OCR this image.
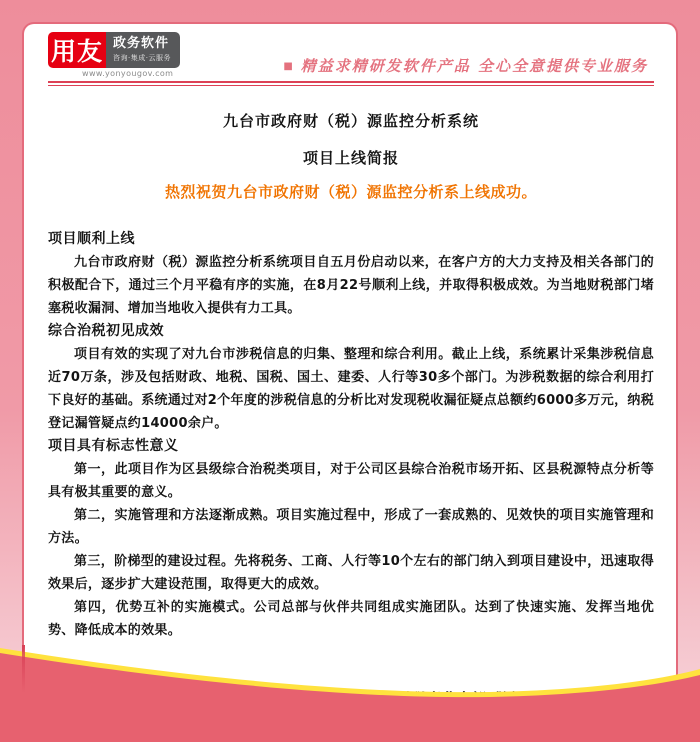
用友 政务软件
咨询·集成·云服务
www.yonyougov.com
■ 精益求精研发软件产品 全心全意提供专业服务
九台市政府财（税）源监控分析系统
项目上线简报
热烈祝贺九台市政府财（税）源监控分析系上线成功。
项目顺利上线
九台市政府财（税）源监控分析系统项目自五月份启动以来，在客户方的大力支持及相关各部门的积极配合下，通过三个月平稳有序的实施，在8月22号顺利上线，并取得积极成效。为当地财税部门堵塞税收漏洞、增加当地收入提供有力工具。
综合治税初见成效
项目有效的实现了对九台市涉税信息的归集、整理和综合利用。截止上线，系统累计采集涉税信息近70万条，涉及包括财政、地税、国税、国土、建委、人行等30多个部门。为涉税数据的综合利用打下良好的基础。系统通过对2个年度的涉税信息的分析比对发现税收漏征疑点总额约6000多万元，纳税登记漏管疑点约14000余户。
项目具有标志性意义
第一，此项目作为区县级综合治税类项目，对于公司区县综合治税市场开拓、区县税源特点分析等具有极其重要的意义。
第二，实施管理和方法逐渐成熟。项目实施过程中，形成了一套成熟的、见效快的项目实施管理和方法。
第三，阶梯型的建设过程。先将税务、工商、人行等10个左右的部门纳入到项目建设中，迅速取得效果后，逐步扩大建设范围，取得更大的成效。
第四，优势互补的实施模式。公司总部与伙伴共同组成实施团队。达到了快速实施、发挥当地优势、降低成本的效果。
